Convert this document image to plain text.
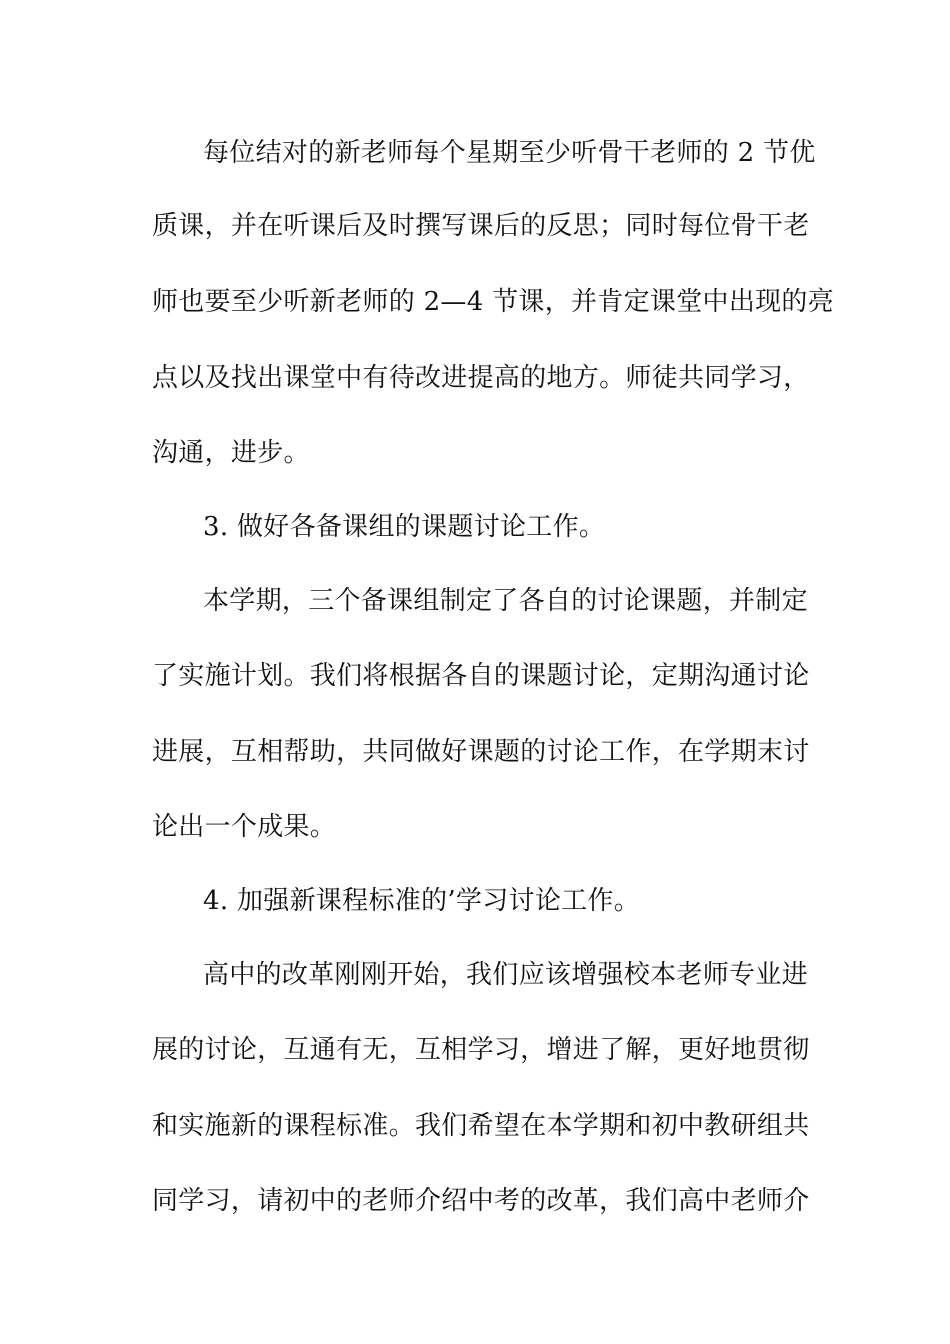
每位结对的新老师每个星期至少听骨干老师的 2 节优
质课，并在听课后及时撰写课后的反思；同时每位骨干老
师也要至少听新老师的 2—4 节课，并肯定课堂中出现的亮
点以及找出课堂中有待改进提高的地方。师徒共同学习，
沟通，进步。
3. 做好各备课组的课题讨论工作。
本学期，三个备课组制定了各自的讨论课题，并制定
了实施计划。我们将根据各自的课题讨论，定期沟通讨论
进展，互相帮助，共同做好课题的讨论工作，在学期末讨
论出一个成果。
4. 加强新课程标准的’学习讨论工作。
高中的改革刚刚开始，我们应该增强校本老师专业进
展的讨论，互通有无，互相学习，增进了解，更好地贯彻
和实施新的课程标准。我们希望在本学期和初中教研组共
同学习，请初中的老师介绍中考的改革，我们高中老师介
